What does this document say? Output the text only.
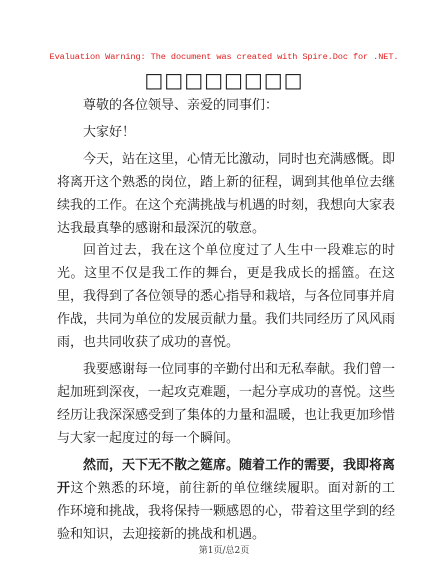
Evaluation Warning: The document was created with Spire.Doc for .NET.
□□□□□□□□
尊敬的各位领导、亲爱的同事们：
大家好！
今天，站在这里，心情无比激动，同时也充满感慨。即将离开这个熟悉的岗位，踏上新的征程，调到其他单位去继续我的工作。在这个充满挑战与机遇的时刻，我想向大家表达我最真挚的感谢和最深沉的敬意。
回首过去，我在这个单位度过了人生中一段难忘的时光。这里不仅是我工作的舞台，更是我成长的摇篮。在这里，我得到了各位领导的悉心指导和栽培，与各位同事并肩作战，共同为单位的发展贡献力量。我们共同经历了风风雨雨，也共同收获了成功的喜悦。
我要感谢每一位同事的辛勤付出和无私奉献。我们曾一起加班到深夜，一起攻克难题，一起分享成功的喜悦。这些经历让我深深感受到了集体的力量和温暖，也让我更加珍惜与大家一起度过的每一个瞬间。
然而，天下无不散之筵席。随着工作的需要，我即将离开这个熟悉的环境，前往新的单位继续履职。面对新的工作环境和挑战，我将保持一颗感恩的心，带着这里学到的经验和知识，去迎接新的挑战和机遇。
第1页/总2页
